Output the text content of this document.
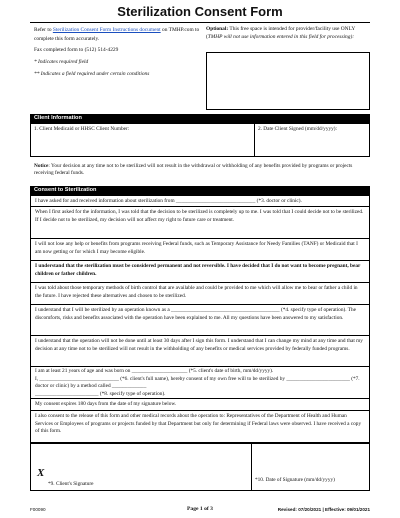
Sterilization Consent Form

Refer to Sterilization Consent Form Instructions document on TMHP.com to complete this form accurately.

Fax completed form to (512) 514-4229

* Indicates required field

** Indicates a field required under certain conditions

Optional: This free space is intended for provider/facility use ONLY (TMHP will not use information entered in this field for processing):
Client Information
1. Client Medicaid or HHSC Client Number:	2. Date Client Signed (mm/dd/yyyy):
Notice: Your decision at any time not to be sterilized will not result in the withdrawal or withholding of any benefits provided by programs or projects receiving federal funds.
Consent to Sterilization
I have asked for and received information about sterilization from ______________________________ (*3. doctor or clinic).
When I first asked for the information, I was told that the decision to be sterilized is completely up to me. I was told that I could decide not to be sterilized. If I decide not to be sterilized, my decision will not affect my right to future care or treatment.
I will not lose any help or benefits from programs receiving Federal funds, such as Temporary Assistance for Needy Families (TANF) or Medicaid that I am now getting or for which I may become eligible.
I understand that the sterilization must be considered permanent and not reversible. I have decided that I do not want to become pregnant, bear children or father children.
I was told about those temporary methods of birth control that are available and could be provided to me which will allow me to bear or father a child in the future. I have rejected these alternatives and chosen to be sterilized.
I understand that I will be sterilized by an operation known as a _________________________________________ (*4. specify type of operation). The discomforts, risks and benefits associated with the operation have been explained to me. All my questions have been answered to my satisfaction.
I understand that the operation will not be done until at least 30 days after I sign this form. I understand that I can change my mind at any time and that my decision at any time not to be sterilized will not result in the withholding of any benefits or medical services provided by federally funded programs.
I am at least 21 years of age and was born on _____________________ (*5. client's date of birth, mm/dd/yyyy).
I, ______________________________ (*6. client's full name), hereby consent of my own free will to be sterilized by ________________________ (*7. doctor or clinic) by a method called _____________
________________________ (*8. specify type of operation).
My consent expires 180 days from the date of my signature below.
I also consent to the release of this form and other medical records about the operation to: Representatives of the Department of Health and Human Services or Employees of programs or projects funded by that Department but only for determining if Federal laws were observed. I have received a copy of this form.
X
*9. Client's Signature
*10. Date of Signature (mm/dd/yyyy)
F00090	Page 1 of 3	Revised: 07/20/2021 | Effective: 09/01/2021
